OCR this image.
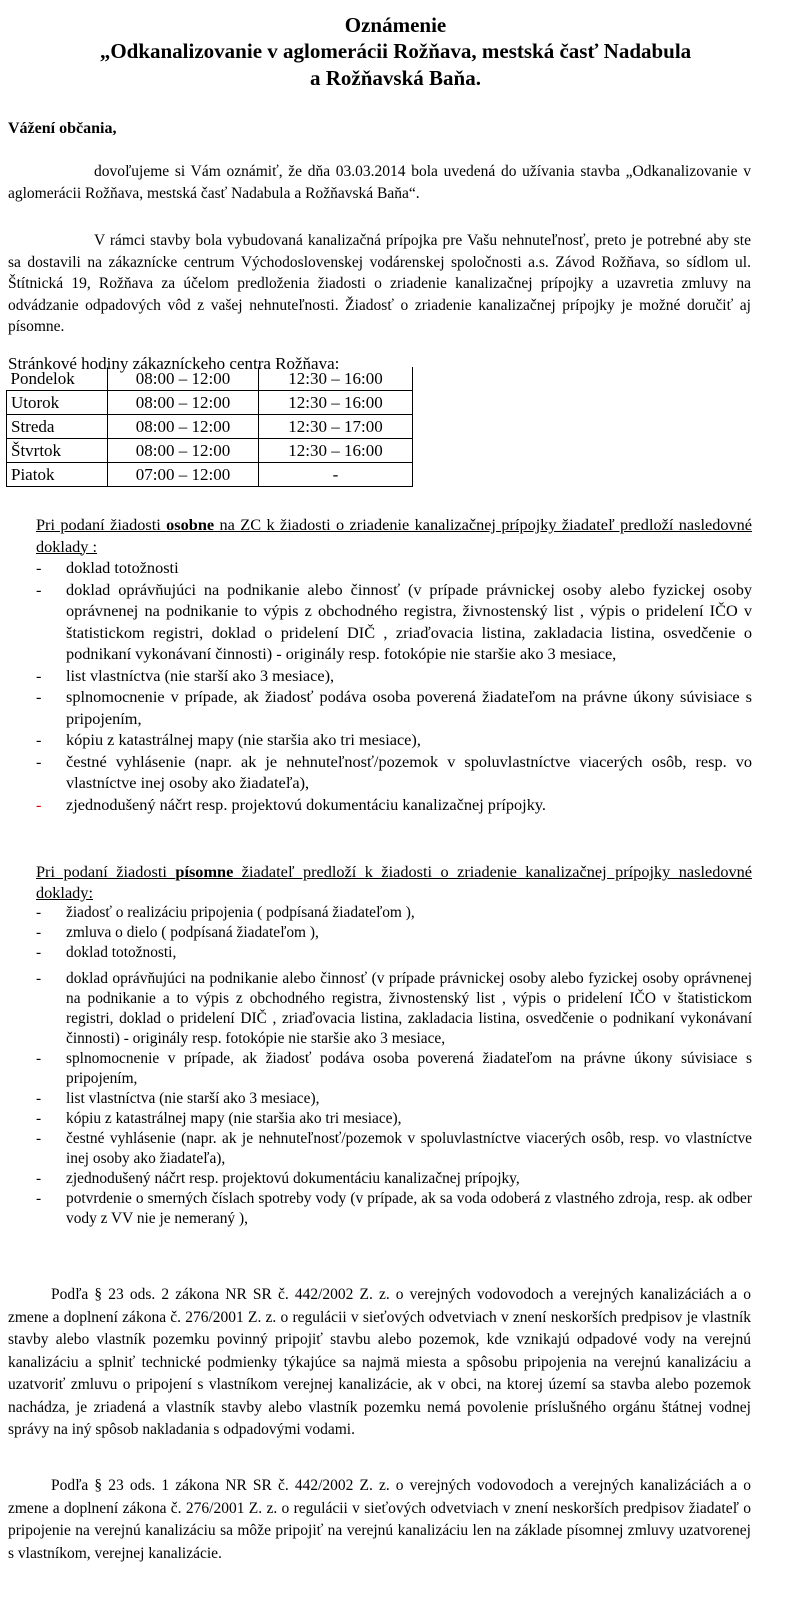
Oznámenie
„Odkanalizovanie v aglomerácii Rožňava, mestská časť Nadabula
a Rožňavská Baňa.
Vážení občania,
dovoľujeme si Vám oznámiť, že dňa 03.03.2014 bola uvedená do užívania stavba „Odkanalizovanie v aglomerácii Rožňava, mestská časť Nadabula a Rožňavská Baňa“.
V rámci stavby bola vybudovaná kanalizačná prípojka pre Vašu nehnuteľnosť, preto je potrebné aby ste sa dostavili na zákaznícke centrum Východoslovenskej vodárenskej spoločnosti a.s. Závod Rožňava, so sídlom ul. Štítnická 19, Rožňava za účelom predloženia žiadosti o zriadenie kanalizačnej prípojky a uzavretia zmluvy na odvádzanie odpadových vôd z vašej nehnuteľnosti. Žiadosť o zriadenie kanalizačnej prípojky je možné doručiť aj písomne.
Stránkové hodiny zákazníckeho centra Rožňava:
Pondelok	08:00 – 12:00	12:30 – 16:00
Utorok	08:00 – 12:00	12:30 – 16:00
Streda	08:00 – 12:00	12:30 – 17:00
Štvrtok	08:00 – 12:00	12:30 – 16:00
Piatok	07:00 – 12:00	-
Pri podaní žiadosti osobne na ZC k žiadosti o zriadenie kanalizačnej prípojky žiadateľ predloží nasledovné doklady :
- doklad totožnosti
- doklad oprávňujúci na podnikanie alebo činnosť (v prípade právnickej osoby alebo fyzickej osoby oprávnenej na podnikanie to výpis z obchodného registra, živnostenský list , výpis o pridelení IČO v štatistickom registri, doklad o pridelení DIČ , zriaďovacia listina, zakladacia listina, osvedčenie o podnikaní vykonávaní činnosti) - originály resp. fotokópie nie staršie ako 3 mesiace,
- list vlastníctva (nie starší ako 3 mesiace),
- splnomocnenie v prípade, ak žiadosť podáva osoba poverená žiadateľom na právne úkony súvisiace s pripojením,
- kópiu z katastrálnej mapy (nie staršia ako tri mesiace),
- čestné vyhlásenie (napr. ak je nehnuteľnosť/pozemok v spoluvlastníctve viacerých osôb, resp. vo vlastníctve inej osoby ako žiadateľa),
- zjednodušený náčrt resp. projektovú dokumentáciu kanalizačnej prípojky.
Pri podaní žiadosti písomne žiadateľ predloží k žiadosti o zriadenie kanalizačnej prípojky nasledovné doklady:
- žiadosť o realizáciu pripojenia ( podpísaná žiadateľom ),
- zmluva o dielo ( podpísaná žiadateľom ),
- doklad totožnosti,
- doklad oprávňujúci na podnikanie alebo činnosť (v prípade právnickej osoby alebo fyzickej osoby oprávnenej na podnikanie a to výpis z obchodného registra, živnostenský list , výpis o pridelení IČO v štatistickom registri, doklad o pridelení DIČ , zriaďovacia listina, zakladacia listina, osvedčenie o podnikaní vykonávaní činnosti) - originály resp. fotokópie nie staršie ako 3 mesiace,
- splnomocnenie v prípade, ak žiadosť podáva osoba poverená žiadateľom na právne úkony súvisiace s pripojením,
- list vlastníctva (nie starší ako 3 mesiace),
- kópiu z katastrálnej mapy (nie staršia ako tri mesiace),
- čestné vyhlásenie (napr. ak je nehnuteľnosť/pozemok v spoluvlastníctve viacerých osôb, resp. vo vlastníctve inej osoby ako žiadateľa),
- zjednodušený náčrt resp. projektovú dokumentáciu kanalizačnej prípojky,
- potvrdenie o smerných číslach spotreby vody (v prípade, ak sa voda odoberá z vlastného zdroja, resp. ak odber vody z VV nie je nemeraný ),
Podľa § 23 ods. 2 zákona NR SR č. 442/2002 Z. z. o verejných vodovodoch a verejných kanalizáciách a o zmene a doplnení zákona č. 276/2001 Z. z. o regulácii v sieťových odvetviach v znení neskorších predpisov je vlastník stavby alebo vlastník pozemku povinný pripojiť stavbu alebo pozemok, kde vznikajú odpadové vody na verejnú kanalizáciu a splniť technické podmienky týkajúce sa najmä miesta a spôsobu pripojenia na verejnú kanalizáciu a uzatvoriť zmluvu o pripojení s vlastníkom verejnej kanalizácie, ak v obci, na ktorej území sa stavba alebo pozemok nachádza, je zriadená a vlastník stavby alebo vlastník pozemku nemá povolenie príslušného orgánu štátnej vodnej správy na iný spôsob nakladania s odpadovými vodami.
Podľa § 23 ods. 1 zákona NR SR č. 442/2002 Z. z. o verejných vodovodoch a verejných kanalizáciách a o zmene a doplnení zákona č. 276/2001 Z. z. o regulácii v sieťových odvetviach v znení neskorších predpisov žiadateľ o pripojenie na verejnú kanalizáciu sa môže pripojiť na verejnú kanalizáciu len na základe písomnej zmluvy uzatvorenej s vlastníkom, verejnej kanalizácie.
